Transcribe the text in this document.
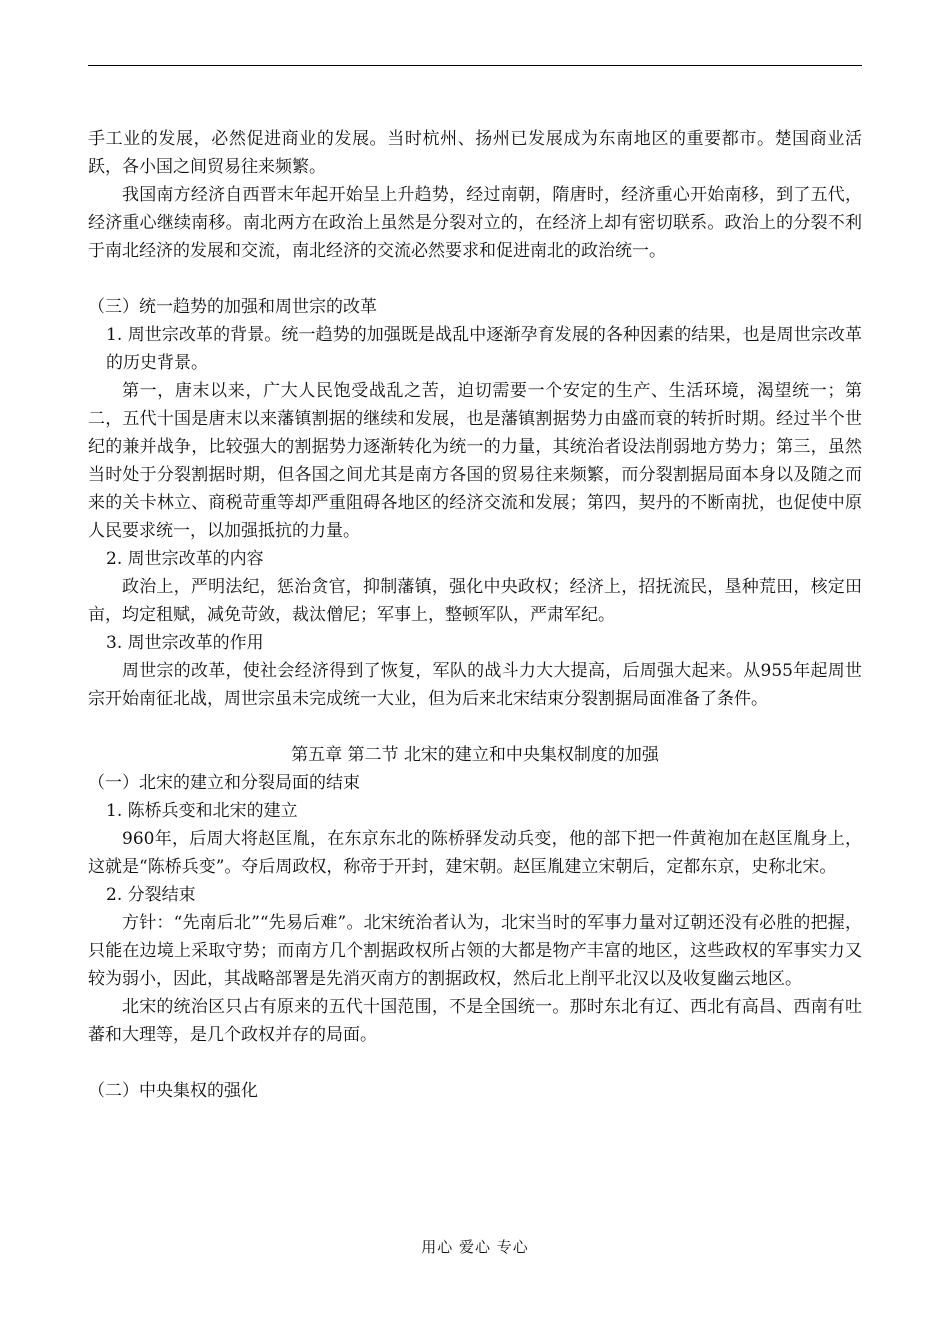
手工业的发展，必然促进商业的发展。当时杭州、扬州已发展成为东南地区的重要都市。楚国商业活跃，各小国之间贸易往来频繁。

我国南方经济自西晋末年起开始呈上升趋势，经过南朝，隋唐时，经济重心开始南移，到了五代，经济重心继续南移。南北两方在政治上虽然是分裂对立的，在经济上却有密切联系。政治上的分裂不利于南北经济的发展和交流，南北经济的交流必然要求和促进南北的政治统一。

（三）统一趋势的加强和周世宗的改革

1. 周世宗改革的背景。统一趋势的加强既是战乱中逐渐孕育发展的各种因素的结果，也是周世宗改革的历史背景。

第一，唐末以来，广大人民饱受战乱之苦，迫切需要一个安定的生产、生活环境，渴望统一；第二，五代十国是唐末以来藩镇割据的继续和发展，也是藩镇割据势力由盛而衰的转折时期。经过半个世纪的兼并战争，比较强大的割据势力逐渐转化为统一的力量，其统治者设法削弱地方势力；第三，虽然当时处于分裂割据时期，但各国之间尤其是南方各国的贸易往来频繁，而分裂割据局面本身以及随之而来的关卡林立、商税苛重等却严重阻碍各地区的经济交流和发展；第四，契丹的不断南扰，也促使中原人民要求统一，以加强抵抗的力量。

2. 周世宗改革的内容

政治上，严明法纪，惩治贪官，抑制藩镇，强化中央政权；经济上，招抚流民，垦种荒田，核定田亩，均定租赋，减免苛敛，裁汰僧尼；军事上，整顿军队，严肃军纪。

3. 周世宗改革的作用

周世宗的改革，使社会经济得到了恢复，军队的战斗力大大提高，后周强大起来。从955年起周世宗开始南征北战，周世宗虽未完成统一大业，但为后来北宋结束分裂割据局面准备了条件。

第五章 第二节 北宋的建立和中央集权制度的加强

（一）北宋的建立和分裂局面的结束

1. 陈桥兵变和北宋的建立

960年，后周大将赵匡胤，在东京东北的陈桥驿发动兵变，他的部下把一件黄袍加在赵匡胤身上，这就是“陈桥兵变”。夺后周政权，称帝于开封，建宋朝。赵匡胤建立宋朝后，定都东京，史称北宋。

2. 分裂结束

方针：“先南后北”“先易后难”。北宋统治者认为，北宋当时的军事力量对辽朝还没有必胜的把握，只能在边境上采取守势；而南方几个割据政权所占领的大都是物产丰富的地区，这些政权的军事实力又较为弱小，因此，其战略部署是先消灭南方的割据政权，然后北上削平北汉以及收复幽云地区。

北宋的统治区只占有原来的五代十国范围，不是全国统一。那时东北有辽、西北有高昌、西南有吐蕃和大理等，是几个政权并存的局面。

（二）中央集权的强化

用心 爱心 专心
